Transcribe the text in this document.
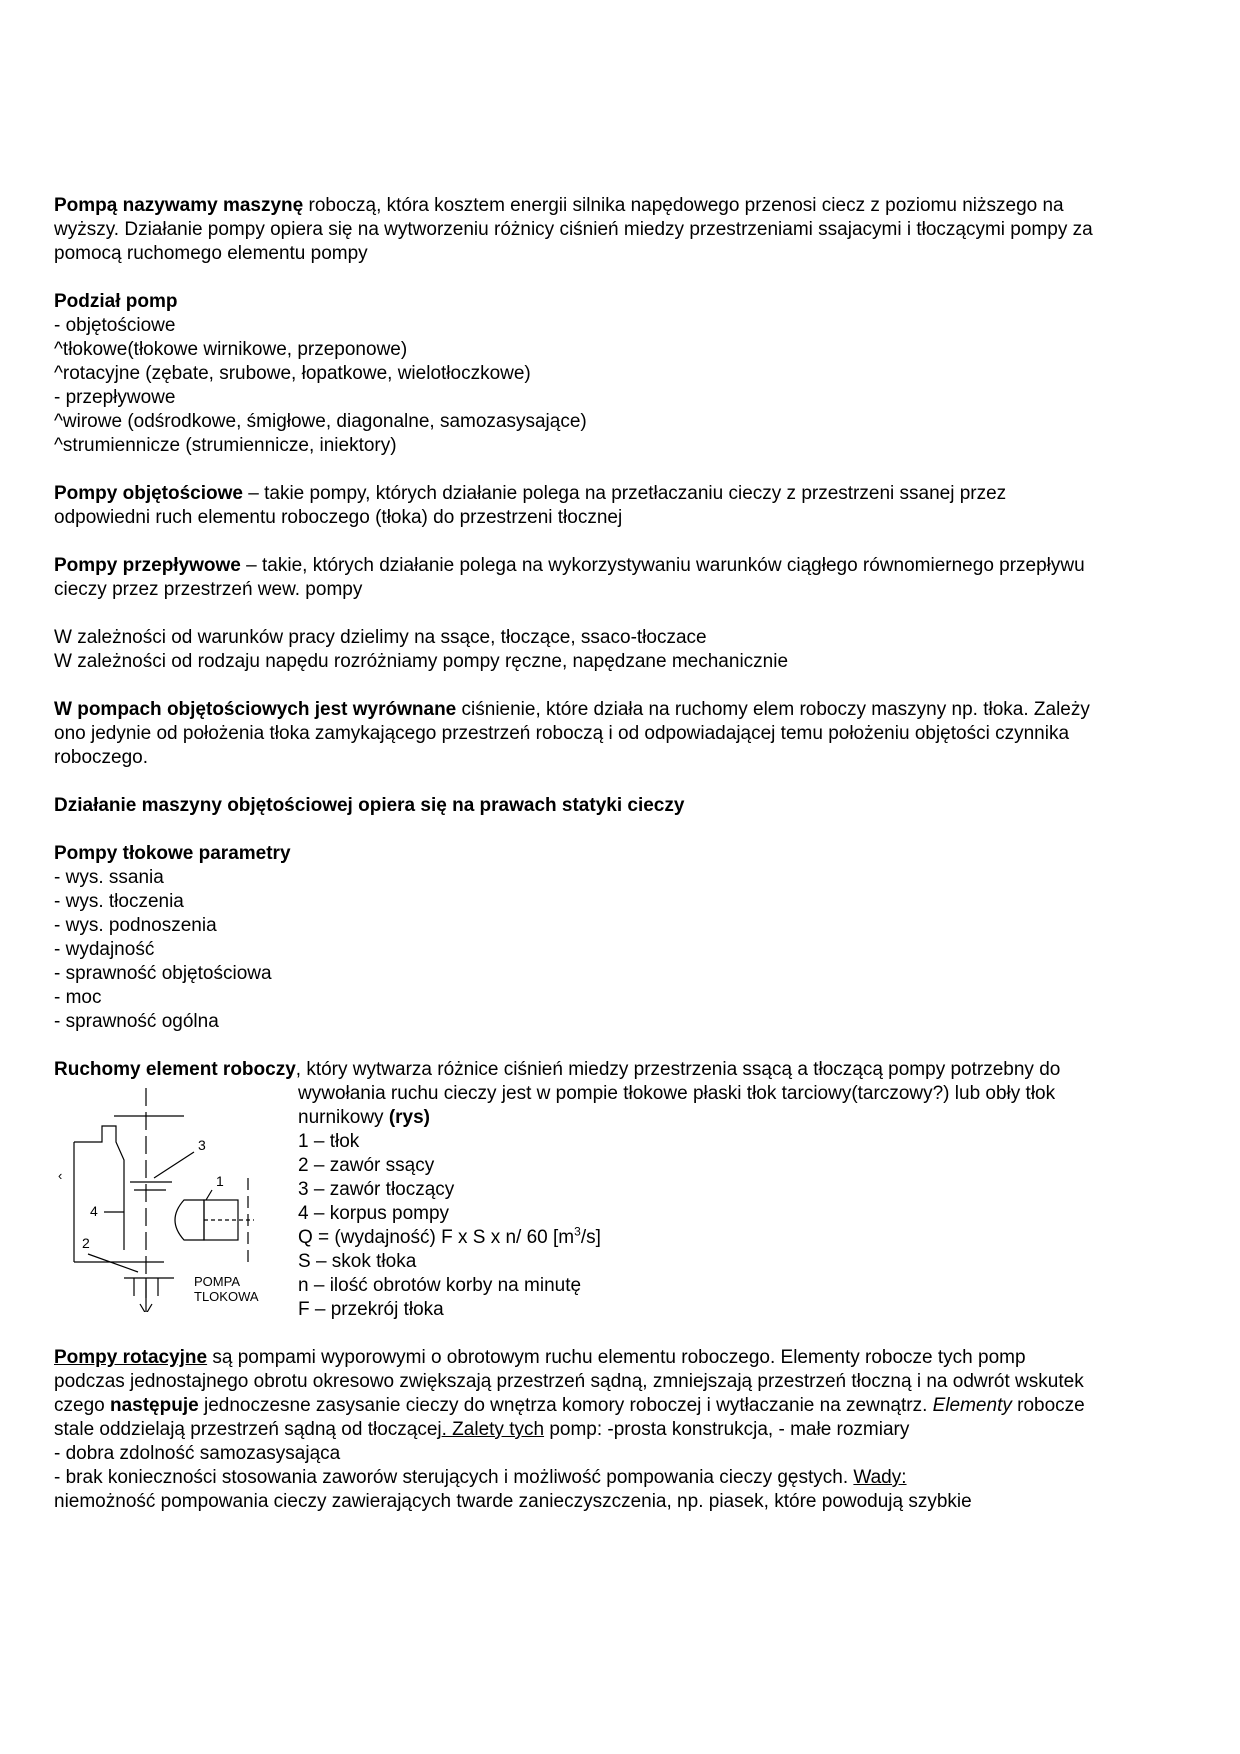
Pompą nazywamy maszynę roboczą, która kosztem energii silnika napędowego przenosi ciecz z poziomu niższego na
wyższy. Działanie pompy opiera się na wytworzeniu różnicy ciśnień miedzy przestrzeniami ssajacymi i tłoczącymi pompy za
pomocą ruchomego elementu pompy
Podział pomp
- objętościowe
^tłokowe(tłokowe wirnikowe, przeponowe)
^rotacyjne (zębate, srubowe, łopatkowe, wielotłoczkowe)
- przepływowe
^wirowe (odśrodkowe, śmigłowe, diagonalne, samozasysające)
^strumiennicze (strumiennicze, iniektory)
Pompy objętościowe – takie pompy, których działanie polega na przetłaczaniu cieczy z przestrzeni ssanej przez
odpowiedni ruch elementu roboczego (tłoka) do przestrzeni tłocznej
Pompy przepływowe – takie, których działanie polega na wykorzystywaniu warunków ciągłego równomiernego przepływu
cieczy przez przestrzeń wew. pompy
W zależności od warunków pracy dzielimy na ssące, tłoczące, ssaco-tłoczace
W zależności od rodzaju napędu rozróżniamy pompy ręczne, napędzane mechanicznie
W pompach objętościowych jest wyrównane ciśnienie, które działa na ruchomy elem roboczy maszyny np. tłoka. Zależy
ono jedynie od położenia tłoka zamykającego przestrzeń roboczą i od odpowiadającej temu położeniu objętości czynnika
roboczego.
Działanie maszyny objętościowej opiera się na prawach statyki cieczy
Pompy tłokowe parametry
- wys. ssania
- wys. tłoczenia
- wys. podnoszenia
- wydajność
- sprawność objętościowa
- moc
- sprawność ogólna
Ruchomy element roboczy, który wytwarza różnice ciśnień miedzy przestrzenia ssącą a tłoczącą pompy potrzebny do
‹
3
1
4
2
POMPA
TLOKOWA
wywołania ruchu cieczy jest w pompie tłokowe płaski tłok tarciowy(tarczowy?) lub obły tłok
nurnikowy (rys)
1 – tłok
2 – zawór ssący
3 – zawór tłoczący
4 – korpus pompy
Q = (wydajność) F x S x n/ 60 $[m^3/s]$
S – skok tłoka
n – ilość obrotów korby na minutę
F – przekrój tłoka
Pompy rotacyjne są pompami wyporowymi o obrotowym ruchu elementu roboczego. Elementy robocze tych pomp
podczas jednostajnego obrotu okresowo zwiększają przestrzeń sądną, zmniejszają przestrzeń tłoczną i na odwrót wskutek
czego następuje jednoczesne zasysanie cieczy do wnętrza komory roboczej i wytłaczanie na zewnątrz. Elementy robocze
stale oddzielają przestrzeń sądną od tłoczącej. Zalety tych pomp: -prosta konstrukcja, - małe rozmiary
- dobra zdolność samozasysająca
- brak konieczności stosowania zaworów sterujących i możliwość pompowania cieczy gęstych. Wady:
niemożność pompowania cieczy zawierających twarde zanieczyszczenia, np. piasek, które powodują szybkie
